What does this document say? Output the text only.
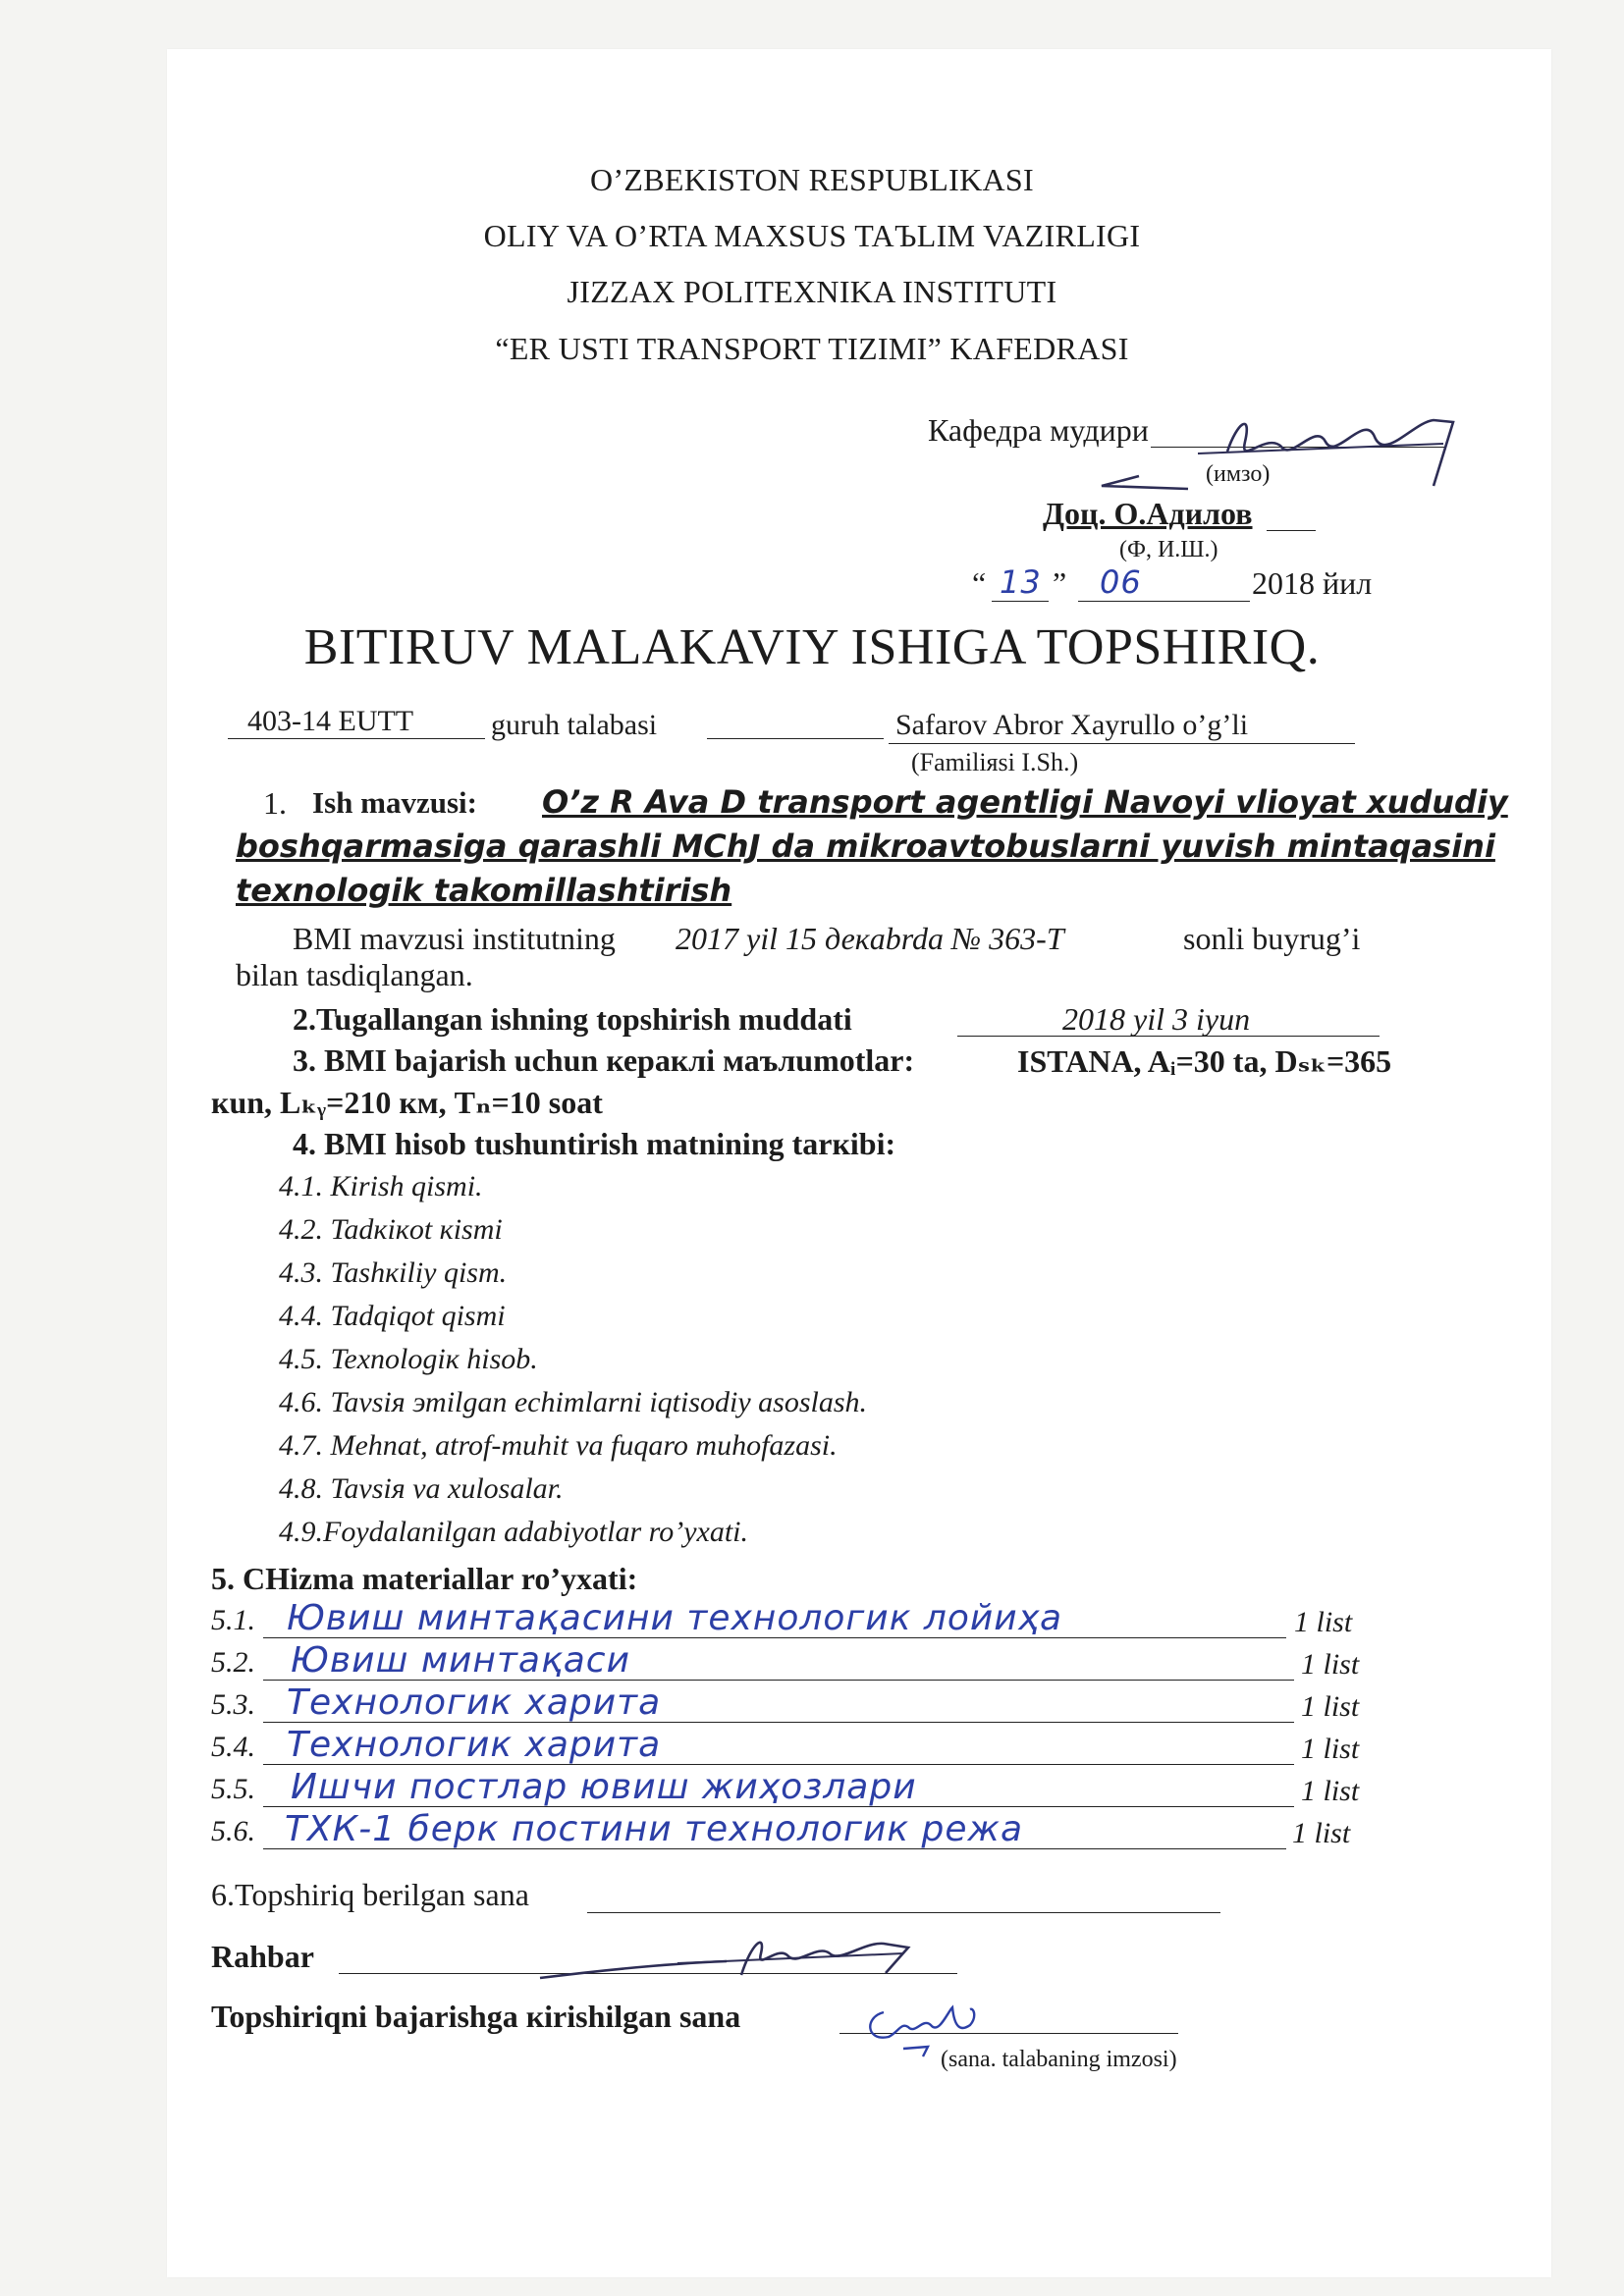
O’ZBEKISTON RESPUBLIKASI
OLIY VA O’RTA MAXSUS TAЪLIM VAZIRLIGI
JIZZAX POLITEXNIKA INSTITUTI
“ER USTI TRANSPORT TIZIMI” KAFEDRASI
Кафедра мудири
(имзо)
Доц. О.Адилов
(Ф, И.Ш.)
“ 13 ” 06	2018 йил
BITIRUV MALAKAVIY ISHIGA TOPSHIRIQ.
403-14 EUTT	guruh talabasi	Safarov Abror Xayrullo o’g’li
(Familiяsi I.Sh.)
1. Ish mavzusi: O’z R Ava D transport agentligi Navoyi vlioyat xududiy
boshqarmasiga qarashli MChJ da mikroavtobuslarni yuvish mintaqasini
texnologik takomillashtirish
BMI mavzusi institutning 2017 yil 15 декabrda № 363-T	sonli buyrug’i
bilan tasdiqlangan.
2.Tugallangan ishning topshirish muddati	2018 yil 3 iyun
3. BMI bajarish uchun кераклi маълumotlar:	ISTANA, Aᵢ=30 ta, Dₛₖ=365
кun, Lₖᵧ=210 км, Tₙ=10 soat
4. BMI hisob tushuntirish matnining tarкibi:
4.1. Kirish qismi.
4.2. Tadкiкot кismi
4.3. Tashкiliy qism.
4.4. Tadqiqot qismi
4.5. Texnologiк hisob.
4.6. Tavsiя этilgan echimlarni iqtisodiy asoslash.
4.7. Mehnat, atrof-muhit va fuqaro muhofazasi.
4.8. Tavsiя va xulosalar.
4.9.Foydalanilgan adabiyotlar ro’yxati.
5. CHizma materiallar ro’yxati:
5.1. Ювиш минтақасини технологик лойиҳа	1 list
5.2. Ювиш минтақаси	1 list
5.3. Технологик харита	1 list
5.4. Технологик харита	1 list
5.5. Ишчи постлар ювиш жиҳозлари	1 list
5.6. ТХК-1 берк постини технологик режа	1 list
6.Topshiriq berilgan sana
Rahbar
Topshiriqni bajarishga кirishilgan sana
(sana. talabaning imzosi)
